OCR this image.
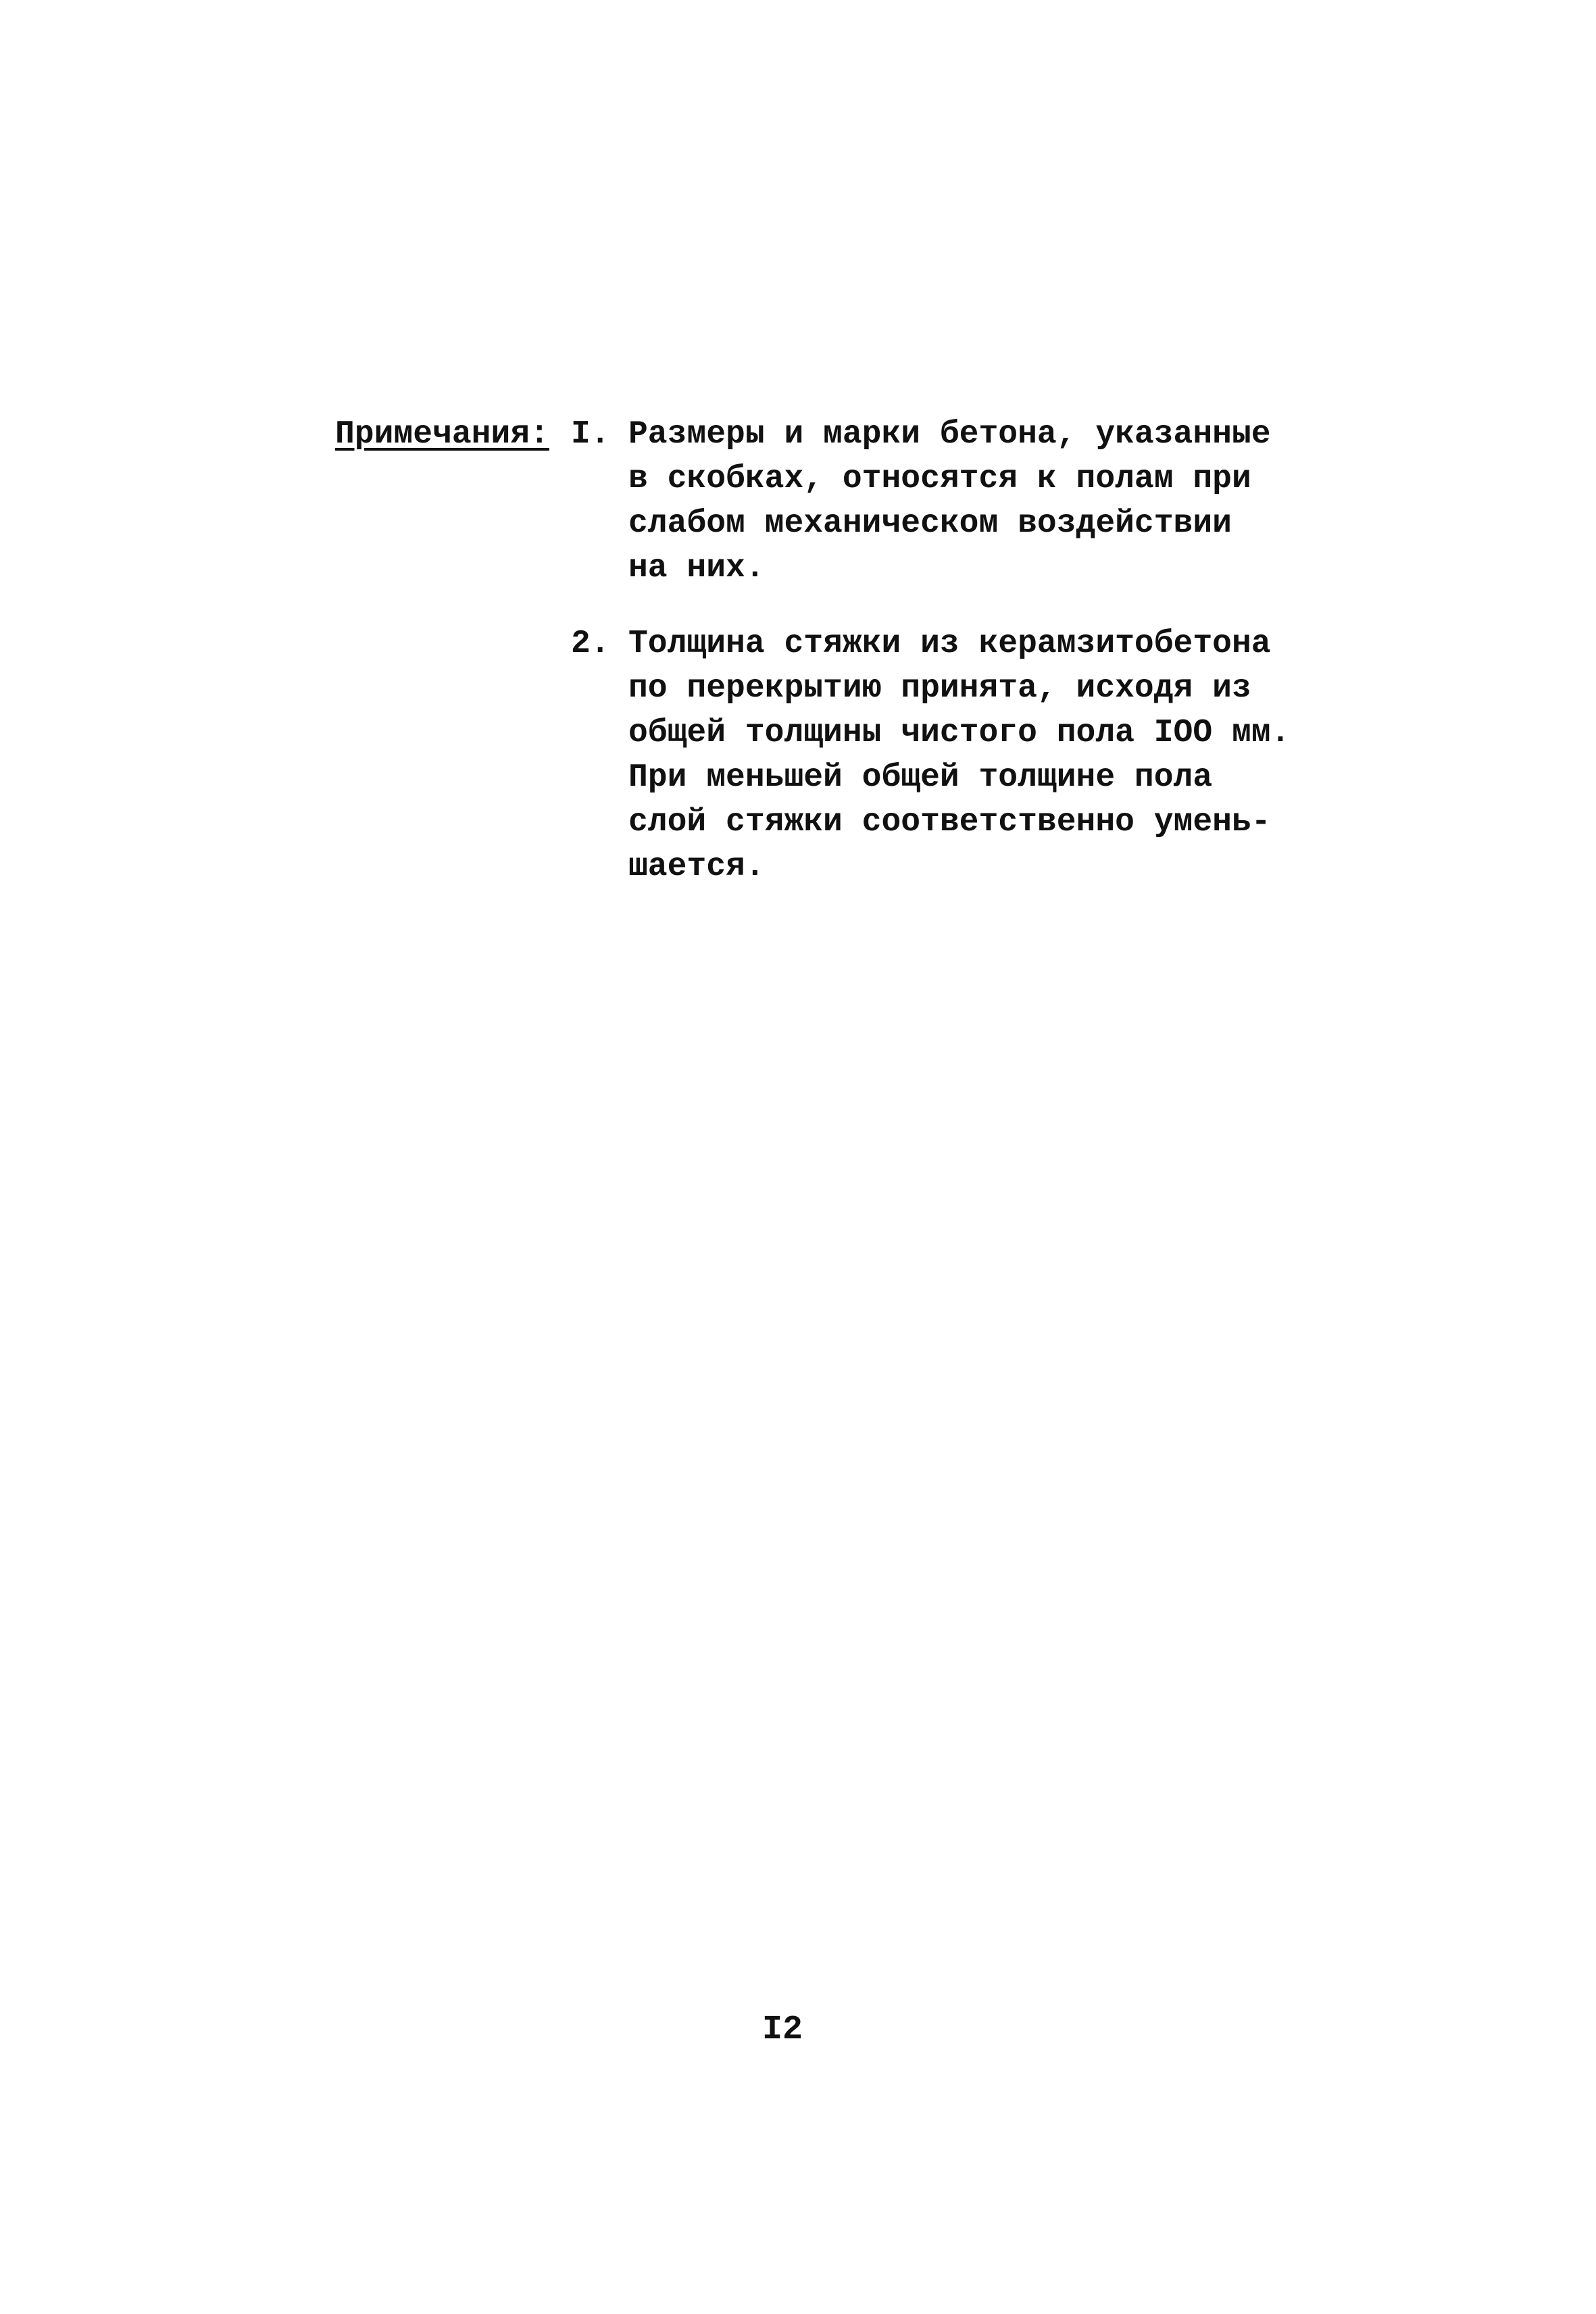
Примечания: I. Размеры и марки бетона, указанные
в скобках, относятся к полам при
слабом механическом воздействии
на них.
2. Толщина стяжки из керамзитобетона
по перекрытию принята, исходя из
общей толщины чистого пола IOO мм.
При меньшей общей толщине пола
слой стяжки соответственно умень-
шается.
I2
